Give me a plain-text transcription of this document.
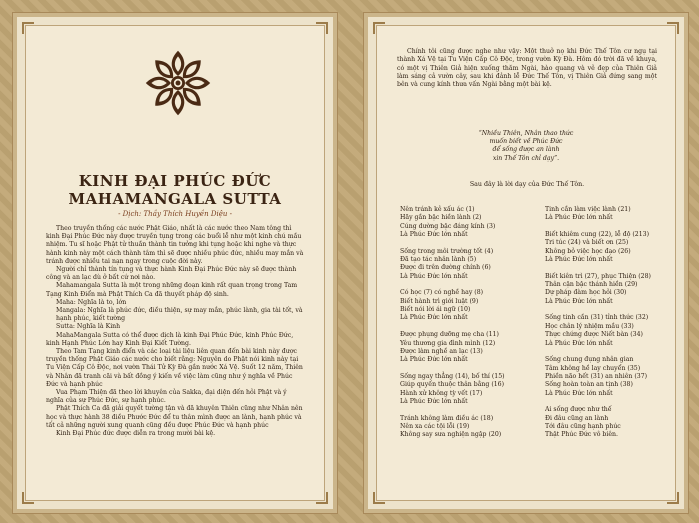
KINH ĐẠI PHÚC ĐỨC
MAHAMANGALA SUTTA
- Dịch: Thầy Thích Huyền Diệu -

Theo truyền thống các nước Phật Giáo, nhất là các nước theo Nam tông thì kinh Đại Phúc Đức này được truyền tụng trong các buổi lễ như một kinh chú mầu nhiệm. Tu sĩ hoặc Phật tử thuần thành tin tưởng khi tụng hoặc khi nghe và thực hành kinh này một cách thành tâm thì sẽ được nhiều phúc đức, nhiều may mắn và tránh được nhiều tai nạn ngay trong cuộc đời này.

Người chỉ thành tín tụng và thực hành Kinh Đại Phúc Đức này sẽ được thành công và an lạc dù ở bất cứ nơi nào.

Mahamangala Sutta là một trong những đoạn kinh rất quan trọng trong Tam Tạng Kinh Điển mà Phật Thích Ca đã thuyết pháp độ sinh.

Maha: Nghĩa là to, lớn

Mangala: Nghĩa là phúc đức, điều thiện, sự may mắn, phúc lành, gia tài tốt, và hạnh phúc, kiết tường

Sutta: Nghĩa là Kinh

MahaMangala Sutta có thể được dịch là kinh Đại Phúc Đức, kinh Phúc Đức, kinh Hạnh Phúc Lớn hay Kinh Đại Kiết Tường.

Theo Tam Tạng kinh điển và các loại tài liệu liên quan đến bài kinh này được truyền thống Phật Giáo các nước cho biết rằng: Nguyên do Phật nói kinh này tại Tu Viện Cấp Cô Độc, nơi vườn Thái Tử Kỳ Đà gần nước Xá Vệ. Suốt 12 năm, Thiên và Nhân đã tranh cãi và bất đồng ý kiến về việc làm cũng như ý nghĩa về Phúc Đức và hạnh phúc

Vua Phạm Thiện đã theo lời khuyên của Sakka, đại diện đến hỏi Phật và ý nghĩa của sự Phúc Đức, sự hạnh phúc.

Phật Thích Ca đã giải quyết tường tận và đã khuyên Thiên cũng như Nhân nên học và thực hành 38 điều Phước Đức để tu thân mình được an lành, hạnh phúc và tất cả những người xung quanh cũng đều được Phúc Đức và hạnh phúc

Kinh Đại Phúc đức được diễn ra trong mười bài kệ.

Chính tôi cũng được nghe như vậy: Một thuở nọ khi Đức Thế Tôn cư ngụ tại thành Xá Vệ tại Tu Viện Cấp Cô Độc, trong vườn Kỳ Đà. Hôm đó trời đã về khuya, có một vị Thiên Giả hiện xuống thăm Ngài, hào quang và vẻ đẹp của Thiên Giả làm sáng cả vườn cây, sau khi đảnh lễ Đức Thế Tôn, vị Thiên Giả đứng sang một bên và cung kính thưa vấn Ngài bằng một bài kệ.
“Nhiều Thiên, Nhân thao thức
muốn biết về Phúc Đức
để sống được an lành
xin Thế Tôn chỉ dạy”.
Sau đây là lời dạy của Đức Thế Tôn.
Nên tránh kẻ xấu ác (1)
Hãy gần bậc hiền lành (2)
Cúng dường bậc đáng kính (3)
Là Phúc Đức lớn nhất
Sống trong môi trường tốt (4)
Đã tạo tác nhân lành (5)
Được đi trên đường chính (6)
Là Phúc Đức lớn nhất
Có học (7) có nghề hay (8)
Biết hành trì giới luật (9)
Biết nói lời ái ngữ (10)
Là Phúc Đức lớn nhất
Được phụng dưỡng mẹ cha (11)
Yêu thương gia đình mình (12)
Được làm nghề an lạc (13)
Là Phúc Đức lớn nhất
Sống ngay thẳng (14), bố thí (15)
Giúp quyến thuộc thân bằng (16)
Hành xử không tỳ vết (17)
Là Phúc Đức lớn nhất
Tránh không làm điều ác (18)
Nên xa các tội lỗi (19)
Không say sưa nghiện ngập (20)
Tinh cần làm việc lành (21)
Là Phúc Đức lớn nhất
Biết khiêm cung (22), lễ độ (213)
Tri túc (24) và biết ơn (25)
Không bỏ việc học đạo (26)
Là Phúc Đức lớn nhất
Biết kiên trì (27), phục Thiện (28)
Thân cận bậc thánh hiền (29)
Dự pháp đàm học hỏi (30)
Là Phúc Đức lớn nhất
Sống tinh cần (31) tỉnh thức (32)
Học chân lý nhiệm mầu (33)
Thực chứng được Niết bàn (34)
Là Phúc Đức lớn nhất
Sống chung đụng nhân gian
Tâm không hề lay chuyển (35)
Phiền não hết (31) an nhiên (37)
Sống hoàn toàn an tịnh (38)
Là Phúc Đức lớn nhất
Ai sống được như thế
Đi đâu cũng an lành
Tới đâu cũng hạnh phúc
Thật Phúc Đức vô biên.
